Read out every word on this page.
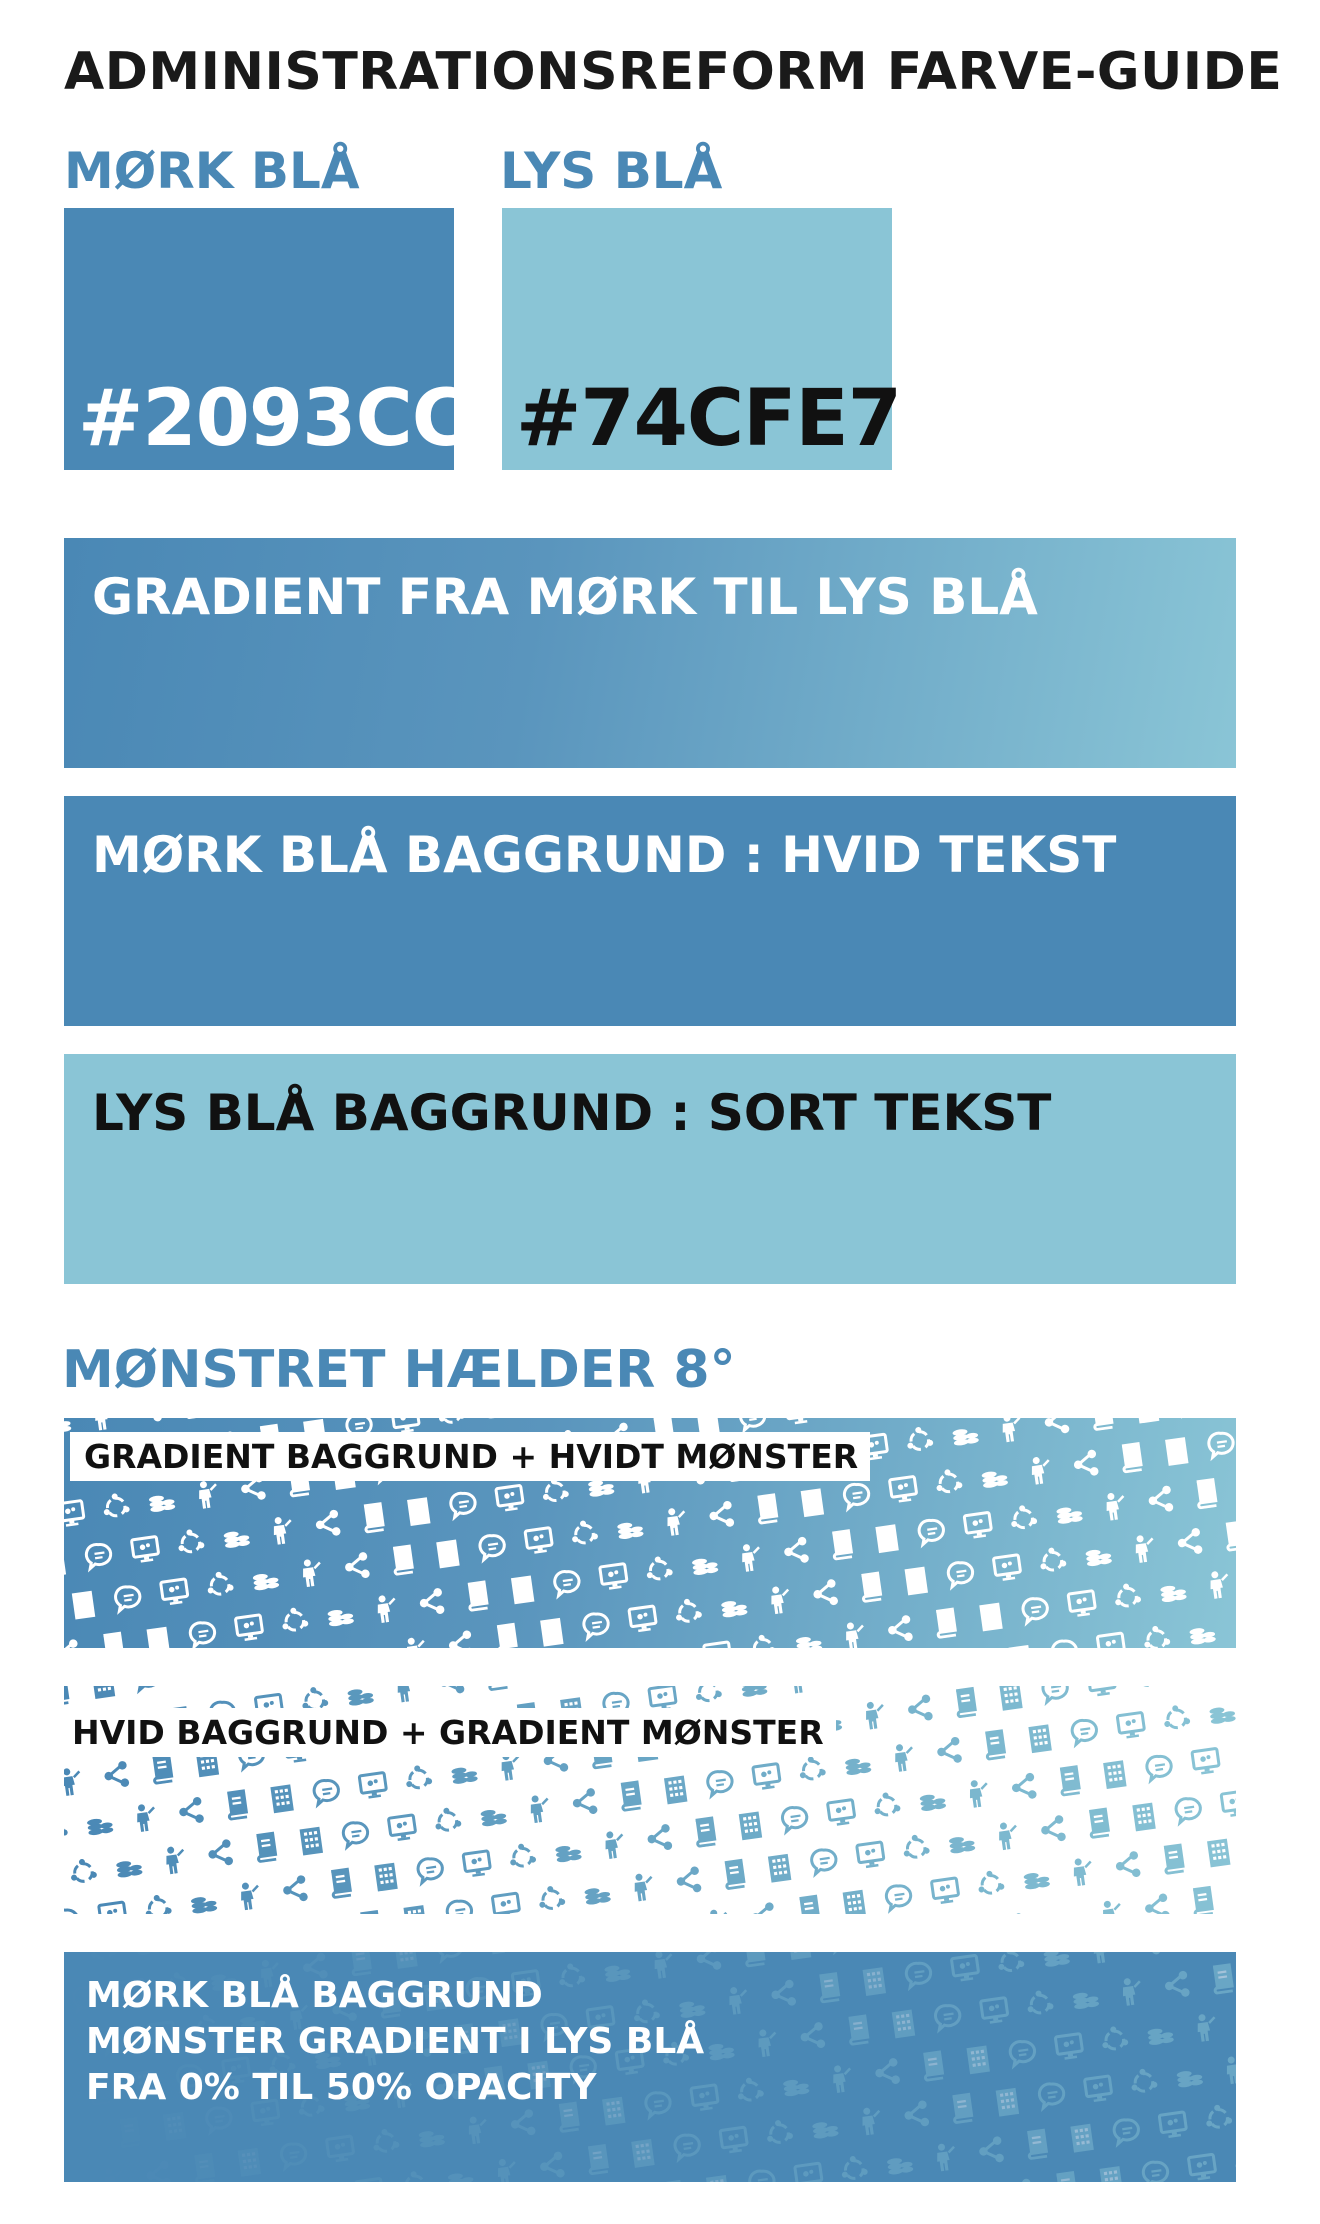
ADMINISTRATIONSREFORM FARVE-GUIDE
MØRK BLÅ	LYS BLÅ
#2093CC #74CFE7
GRADIENT FRA MØRK TIL LYS BLÅ
MØRK BLÅ BAGGRUND : HVID TEKST
LYS BLÅ BAGGRUND : SORT TEKST
MØNSTRET HÆLDER 8°
GRADIENT BAGGRUND + HVIDT MØNSTER
HVID BAGGRUND + GRADIENT MØNSTER
MØRK BLÅ BAGGRUND
MØNSTER GRADIENT I LYS BLÅ
FRA 0% TIL 50% OPACITY
